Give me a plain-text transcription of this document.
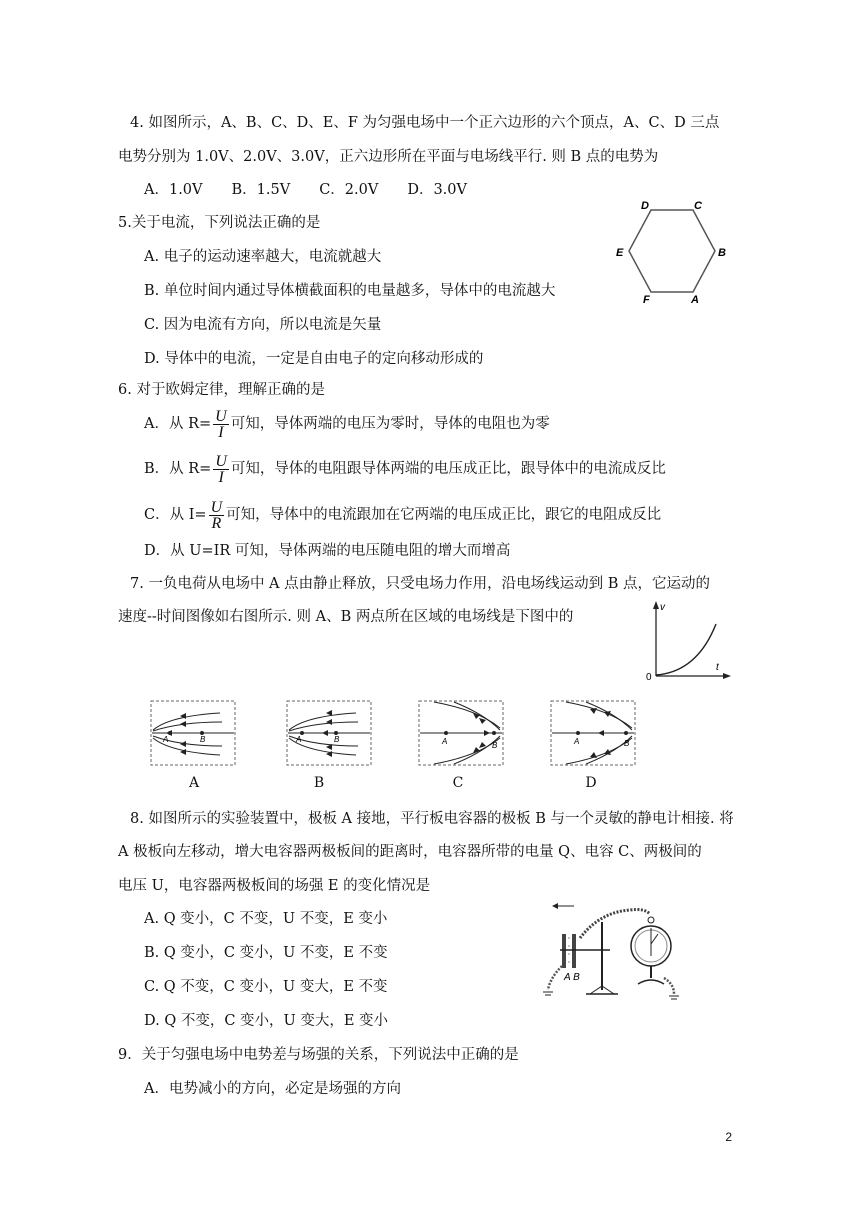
4. 如图所示，A、B、C、D、E、F 为匀强电场中一个正六边形的六个顶点，A、C、D 三点
电势分别为 1.0V、2.0V、3.0V，正六边形所在平面与电场线平行. 则 B 点的电势为
A．1.0V　　B．1.5V　　C．2.0V　　D．3.0V
D	C
E	B
F	A
5.关于电流，下列说法正确的是
A. 电子的运动速率越大，电流就越大
B. 单位时间内通过导体横截面积的电量越多，导体中的电流越大
C. 因为电流有方向，所以电流是矢量
D. 导体中的电流，一定是自由电子的定向移动形成的
6. 对于欧姆定律，理解正确的是
A．从 $R= \frac{U}{I}$ 可知，导体两端的电压为零时，导体的电阻也为零
B．从 $R= \frac{U}{I}$ 可知，导体的电阻跟导体两端的电压成正比，跟导体中的电流成反比
C．从 $I= \frac{U}{R}$ 可知，导体中的电流跟加在它两端的电压成正比，跟它的电阻成反比
D．从 U=IR 可知，导体两端的电压随电阻的增大而增高
7. 一负电荷从电场中 A 点由静止释放，只受电场力作用，沿电场线运动到 B 点，它运动的
速度--时间图像如右图所示. 则 A、B 两点所在区域的电场线是下图中的
v
t
0
A	B	A	B	A	B	A	B
A	B	C	D
8. 如图所示的实验装置中，极板 A 接地，平行板电容器的极板 B 与一个灵敏的静电计相接. 将
A 极板向左移动，增大电容器两极板间的距离时，电容器所带的电量 Q、电容 C、两极间的
电压 U，电容器两极板间的场强 E 的变化情况是
A. Q 变小，C 不变，U 不变，E 变小
B. Q 变小，C 变小，U 不变，E 不变
C. Q 不变，C 变小，U 变大，E 不变
D. Q 不变，C 变小，U 变大，E 变小
A B
9．关于匀强电场中电势差与场强的关系，下列说法中正确的是
A．电势减小的方向，必定是场强的方向
2
